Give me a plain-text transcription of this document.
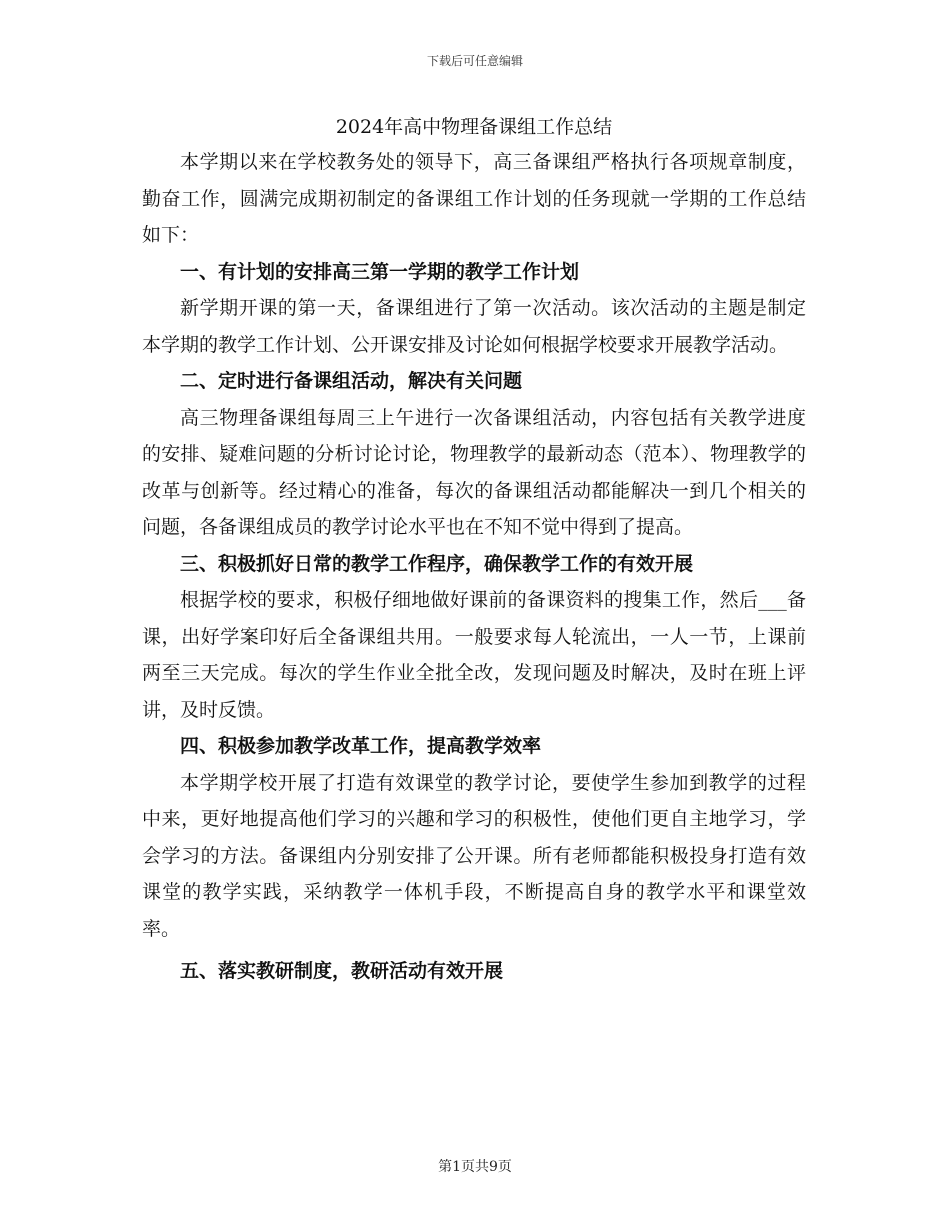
下载后可任意编辑
2024年高中物理备课组工作总结

本学期以来在学校教务处的领导下，高三备课组严格执行各项规章制度，勤奋工作，圆满完成期初制定的备课组工作计划的任务现就一学期的工作总结如下：

一、有计划的安排高三第一学期的教学工作计划

新学期开课的第一天，备课组进行了第一次活动。该次活动的主题是制定本学期的教学工作计划、公开课安排及讨论如何根据学校要求开展教学活动。

二、定时进行备课组活动，解决有关问题

高三物理备课组每周三上午进行一次备课组活动，内容包括有关教学进度的安排、疑难问题的分析讨论讨论，物理教学的最新动态（范本）、物理教学的改革与创新等。经过精心的准备，每次的备课组活动都能解决一到几个相关的问题，各备课组成员的教学讨论水平也在不知不觉中得到了提高。

三、积极抓好日常的教学工作程序，确保教学工作的有效开展

根据学校的要求，积极仔细地做好课前的备课资料的搜集工作，然后___备课，出好学案印好后全备课组共用。一般要求每人轮流出，一人一节，上课前两至三天完成。每次的学生作业全批全改，发现问题及时解决，及时在班上评讲，及时反馈。

四、积极参加教学改革工作，提高教学效率

本学期学校开展了打造有效课堂的教学讨论，要使学生参加到教学的过程中来，更好地提高他们学习的兴趣和学习的积极性，使他们更自主地学习，学会学习的方法。备课组内分别安排了公开课。所有老师都能积极投身打造有效课堂的教学实践，采纳教学一体机手段，不断提高自身的教学水平和课堂效率。

五、落实教研制度，教研活动有效开展

第1页共9页
